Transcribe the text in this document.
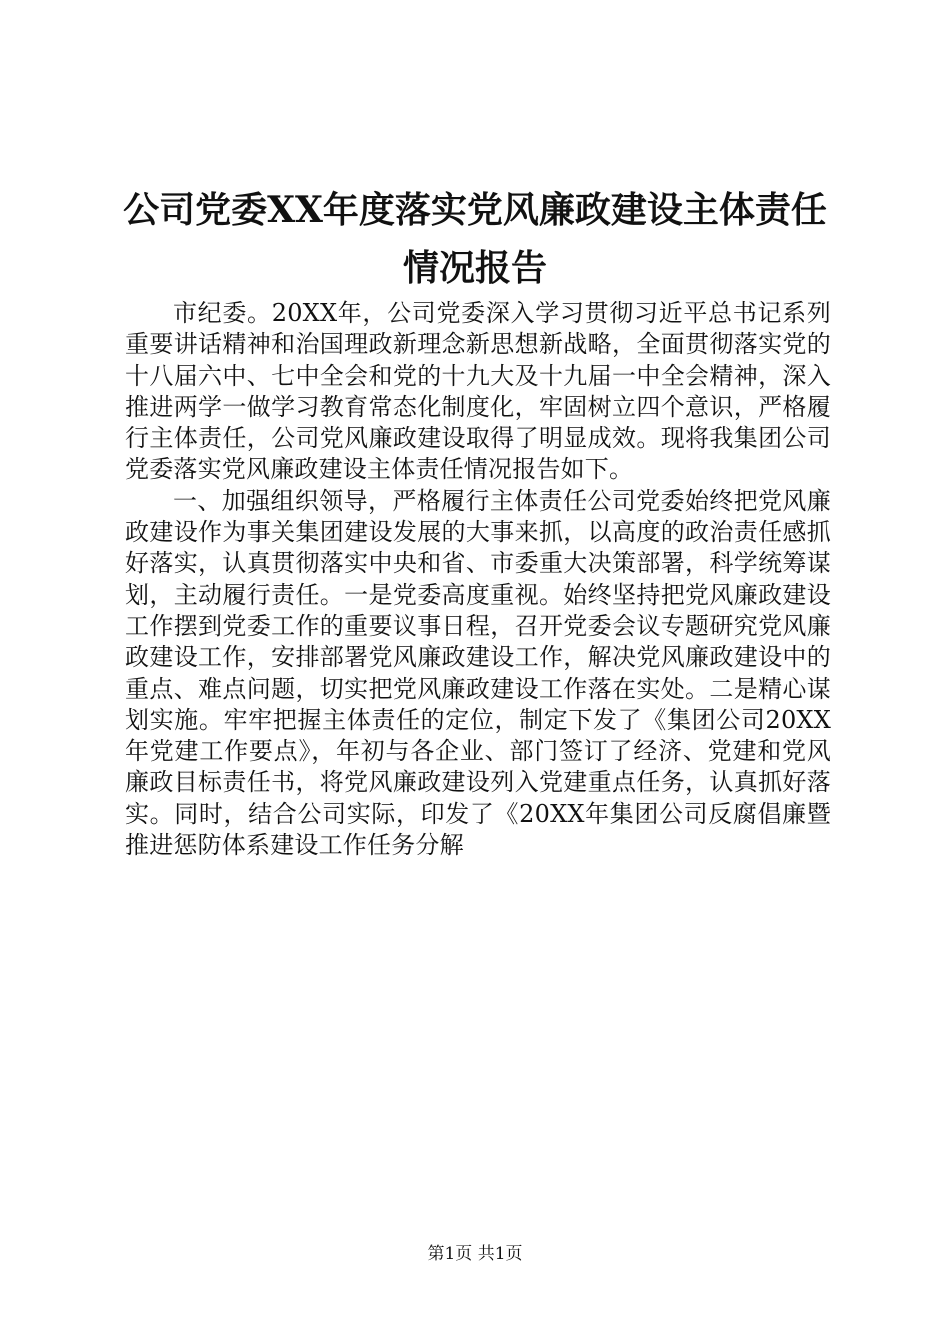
公司党委XX年度落实党风廉政建设主体责任
情况报告

市纪委。20XX年，公司党委深入学习贯彻习近平总书记系列重要讲话精神和治国理政新理念新思想新战略，全面贯彻落实党的十八届六中、七中全会和党的十九大及十九届一中全会精神，深入推进两学一做学习教育常态化制度化，牢固树立四个意识，严格履行主体责任，公司党风廉政建设取得了明显成效。现将我集团公司党委落实党风廉政建设主体责任情况报告如下。

一、加强组织领导，严格履行主体责任公司党委始终把党风廉政建设作为事关集团建设发展的大事来抓，以高度的政治责任感抓好落实，认真贯彻落实中央和省、市委重大决策部署，科学统筹谋划，主动履行责任。一是党委高度重视。始终坚持把党风廉政建设工作摆到党委工作的重要议事日程，召开党委会议专题研究党风廉政建设工作，安排部署党风廉政建设工作，解决党风廉政建设中的重点、难点问题，切实把党风廉政建设工作落在实处。二是精心谋划实施。牢牢把握主体责任的定位，制定下发了《集团公司20XX年党建工作要点》，年初与各企业、部门签订了经济、党建和党风廉政目标责任书，将党风廉政建设列入党建重点任务，认真抓好落实。同时，结合公司实际，印发了《20XX年集团公司反腐倡廉暨推进惩防体系建设工作任务分解

第1页 共1页
